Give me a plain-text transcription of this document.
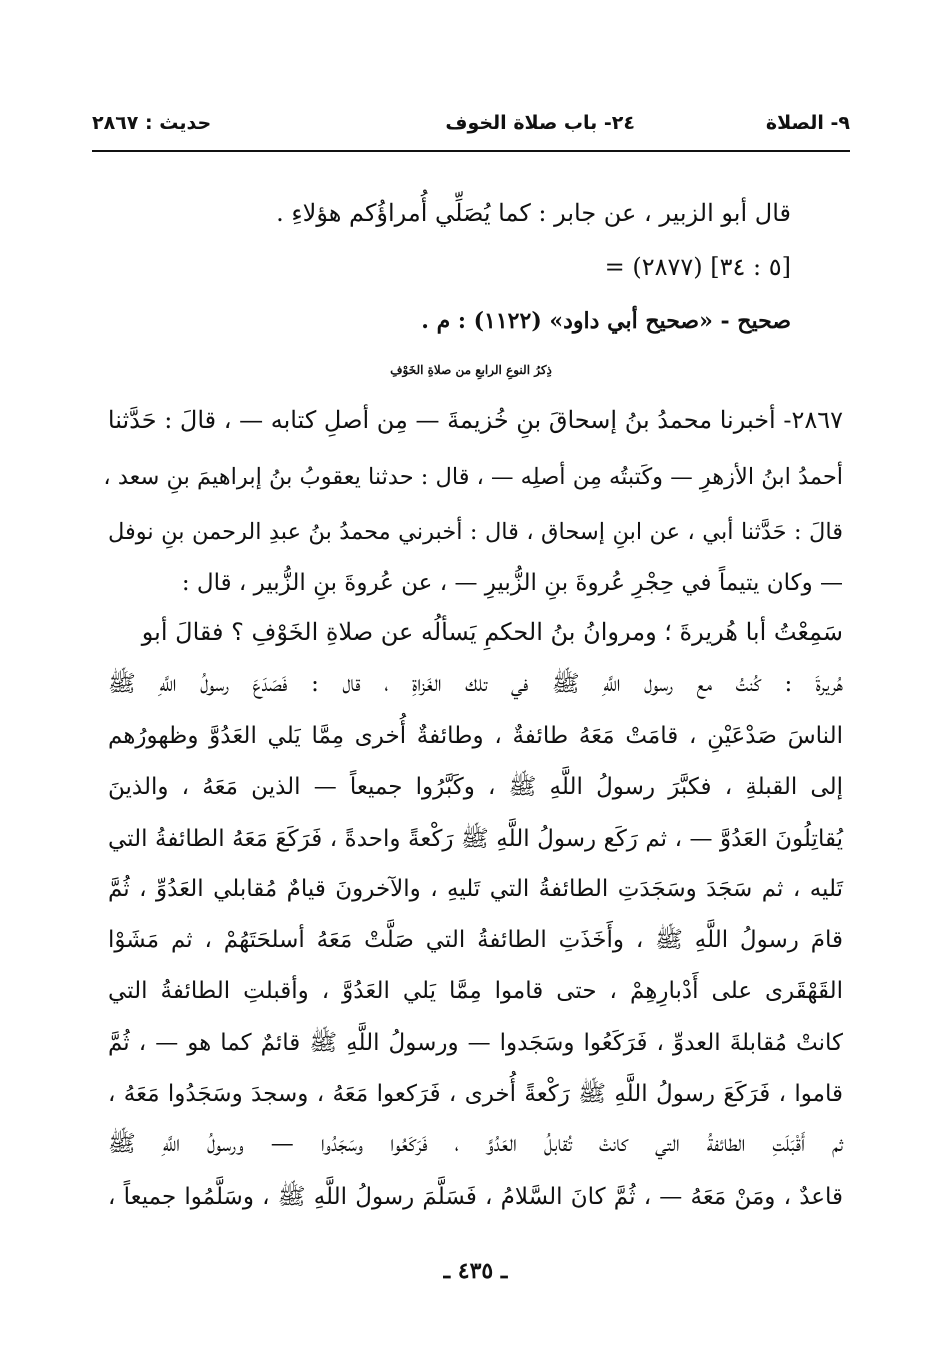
٩- الصلاة
٢٤- باب صلاة الخوف
حديث : ٢٨٦٧
قال أبو الزبير ، عن جابر : كما يُصَلِّي أُمراؤُكم هؤلاءِ .
= (٢٨٧٧) [٥ : ٣٤]
صحيح - «صحيح أبي داود» (١١٢٢) : م .
ذِكرُ النوعِ الرابعِ من صلاةِ الخَوْفِ
٢٨٦٧- أخبرنا محمدُ بنُ إسحاقَ بنِ خُزيمةَ — مِن أصلِ كتابه — ، قالَ : حَدَّثنا
أحمدُ ابنُ الأزهرِ — وكَتبتُه مِن أصلِه — ، قال : حدثنا يعقوبُ بنُ إبراهيمَ بنِ سعد ،
قالَ : حَدَّثنا أبي ، عن ابنِ إسحاق ، قال : أخبرني محمدُ بنُ عبدِ الرحمن بنِ نوفل
— وكان يتيماً في حِجْرِ عُروةَ بنِ الزُّبيرِ — ، عن عُروةَ بنِ الزُّبير ، قال :
سَمِعْتُ أبا هُريرةَ ؛ ومروانُ بنُ الحكمِ يَسألُه عن صلاةِ الخَوْفِ ؟ فقالَ أبو
هُريرةَ : كُنتُ مع رسول اللَّهِ ﷺ في تلك الغَزاةِ ، قال : فَصَدَعَ رسولُ اللَّهِ ﷺ
الناسَ صَدْعَيْنِ ، قامَتْ مَعَهُ طائفةٌ ، وطائفةٌ أُخرى مِمَّا يَلي العَدُوَّ وظهورُهم
إلى القبلةِ ، فكبَّرَ رسولُ اللَّهِ ﷺ ، وكَبَّرُوا جميعاً — الذين مَعَهُ ، والذينَ
يُقاتِلُونَ العَدُوَّ — ، ثم رَكَع رسولُ اللَّهِ ﷺ رَكْعةً واحدةً ، فَرَكَعَ مَعَهُ الطائفةُ التي
تَليه ، ثم سَجَدَ وسَجَدَتِ الطائفةُ التي تَليهِ ، والآخرونَ قيامٌ مُقابلي العَدُوِّ ، ثُمَّ
قامَ رسولُ اللَّهِ ﷺ ، وأَخَذَتِ الطائفةُ التي صَلَّتْ مَعَهُ أسلحَتَهُمْ ، ثم مَشَوْا
القَهْقَرى على أَدْبارِهِمْ ، حتى قاموا مِمَّا يَلي العَدُوَّ ، وأقبلتِ الطائفةُ التي
كانتْ مُقابلةَ العدوِّ ، فَرَكَعُوا وسَجَدوا — ورسولُ اللَّهِ ﷺ قائمٌ كما هو — ، ثُمَّ
قاموا ، فَرَكَعَ رسولُ اللَّهِ ﷺ رَكْعةً أُخرى ، فَرَكعوا مَعَهُ ، وسجدَ وسَجَدُوا مَعَهُ ،
ثم أَقْبَلَتِ الطائفةُ التي كانتْ تُقابلُ العَدُوَّ ، فَرَكَعُوا وسَجَدُوا — ورسولُ اللَّهِ ﷺ
قاعدٌ ، ومَنْ مَعَهُ — ، ثُمَّ كانَ السَّلامُ ، فَسَلَّمَ رسولُ اللَّهِ ﷺ ، وسَلَّمُوا جميعاً ،
ـ ٤٣٥ ـ
